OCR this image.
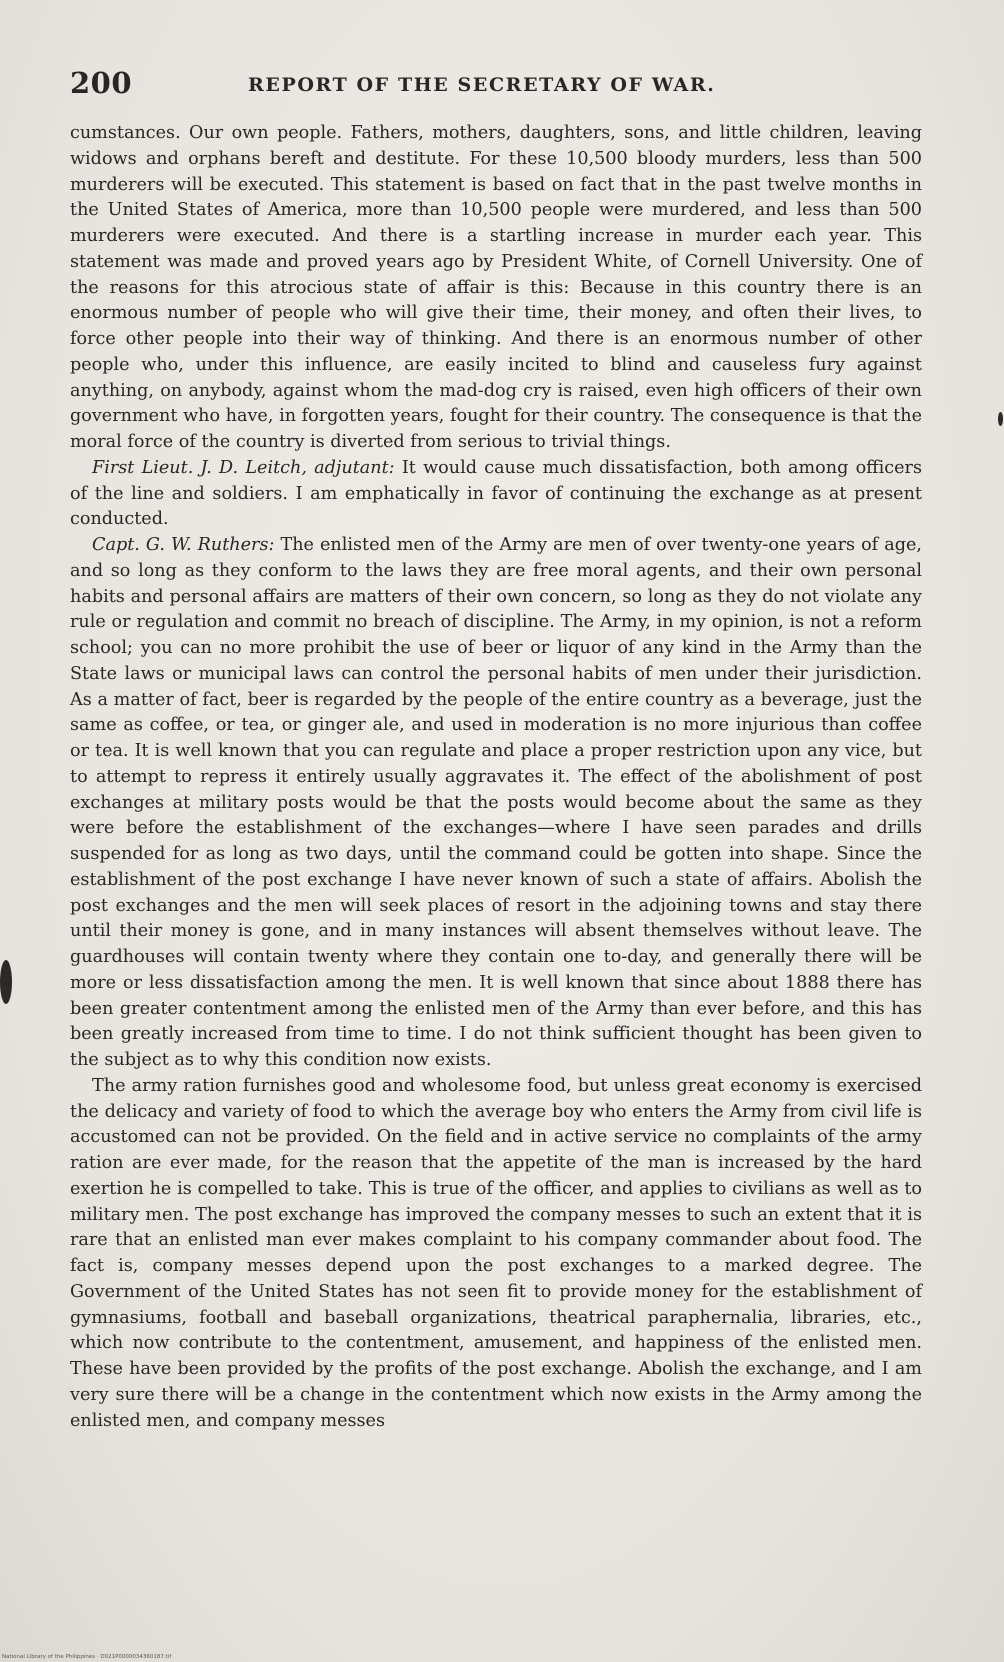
200	REPORT OF THE SECRETARY OF WAR.

cumstances. Our own people. Fathers, mothers, daughters, sons, and little children, leaving widows and orphans bereft and destitute. For these 10,500 bloody murders, less than 500 murderers will be executed. This statement is based on fact that in the past twelve months in the United States of America, more than 10,500 people were murdered, and less than 500 murderers were executed. And there is a startling increase in murder each year. This statement was made and proved years ago by President White, of Cornell University. One of the reasons for this atrocious state of affair is this: Because in this country there is an enormous number of people who will give their time, their money, and often their lives, to force other people into their way of thinking. And there is an enormous number of other people who, under this influence, are easily incited to blind and causeless fury against anything, on anybody, against whom the mad-dog cry is raised, even high officers of their own government who have, in forgotten years, fought for their country. The consequence is that the moral force of the country is diverted from serious to trivial things.

First Lieut. J. D. Leitch, adjutant: It would cause much dissatisfaction, both among officers of the line and soldiers. I am emphatically in favor of continuing the exchange as at present conducted.

Capt. G. W. Ruthers: The enlisted men of the Army are men of over twenty-one years of age, and so long as they conform to the laws they are free moral agents, and their own personal habits and personal affairs are matters of their own concern, so long as they do not violate any rule or regulation and commit no breach of discipline. The Army, in my opinion, is not a reform school; you can no more prohibit the use of beer or liquor of any kind in the Army than the State laws or municipal laws can control the personal habits of men under their jurisdiction. As a matter of fact, beer is regarded by the people of the entire country as a beverage, just the same as coffee, or tea, or ginger ale, and used in moderation is no more injurious than coffee or tea. It is well known that you can regulate and place a proper restriction upon any vice, but to attempt to repress it entirely usually aggravates it. The effect of the abolishment of post exchanges at military posts would be that the posts would become about the same as they were before the establishment of the exchanges—where I have seen parades and drills suspended for as long as two days, until the command could be gotten into shape. Since the establishment of the post exchange I have never known of such a state of affairs. Abolish the post exchanges and the men will seek places of resort in the adjoining towns and stay there until their money is gone, and in many instances will absent themselves without leave. The guardhouses will contain twenty where they contain one to-day, and generally there will be more or less dissatisfaction among the men. It is well known that since about 1888 there has been greater contentment among the enlisted men of the Army than ever before, and this has been greatly increased from time to time. I do not think sufficient thought has been given to the subject as to why this condition now exists.

The army ration furnishes good and wholesome food, but unless great economy is exercised the delicacy and variety of food to which the average boy who enters the Army from civil life is accustomed can not be provided. On the field and in active service no complaints of the army ration are ever made, for the reason that the appetite of the man is increased by the hard exertion he is compelled to take. This is true of the officer, and applies to civilians as well as to military men. The post exchange has improved the company messes to such an extent that it is rare that an enlisted man ever makes complaint to his company commander about food. The fact is, company messes depend upon the post exchanges to a marked degree. The Government of the United States has not seen fit to provide money for the establishment of gymnasiums, football and baseball organizations, theatrical paraphernalia, libraries, etc., which now contribute to the contentment, amusement, and happiness of the enlisted men. These have been provided by the profits of the post exchange. Abolish the exchange, and I am very sure there will be a change in the contentment which now exists in the Army among the enlisted men, and company messes

National Library of the Philippines · D021P0000034360187.tif
